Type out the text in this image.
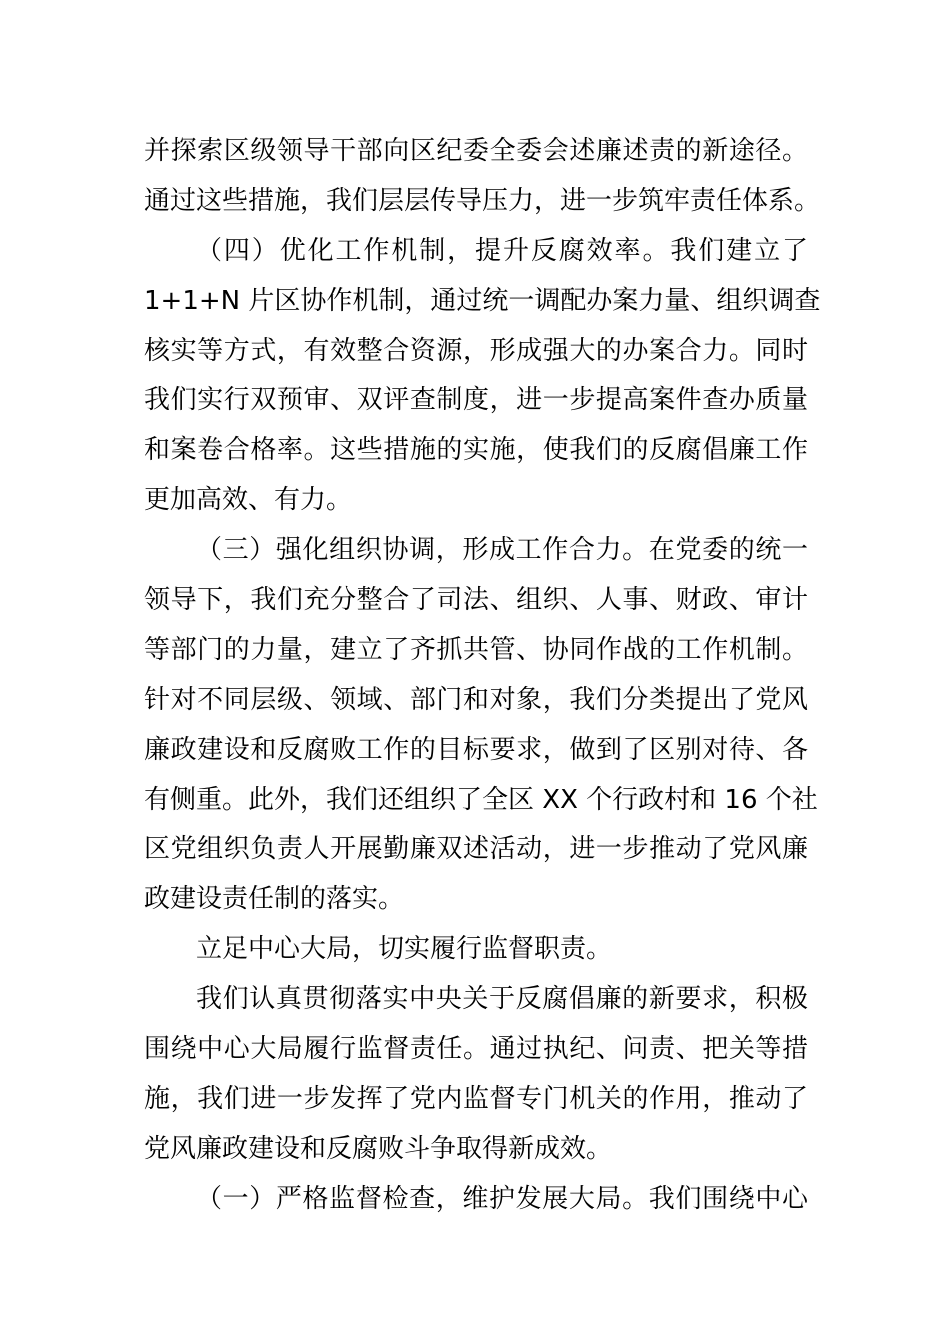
并探索区级领导干部向区纪委全委会述廉述责的新途径。
通过这些措施，我们层层传导压力，进一步筑牢责任体系。
（四）优化工作机制，提升反腐效率。我们建立了
1+1+N 片区协作机制，通过统一调配办案力量、组织调查
核实等方式，有效整合资源，形成强大的办案合力。同时
我们实行双预审、双评查制度，进一步提高案件查办质量
和案卷合格率。这些措施的实施，使我们的反腐倡廉工作
更加高效、有力。
（三）强化组织协调，形成工作合力。在党委的统一
领导下，我们充分整合了司法、组织、人事、财政、审计
等部门的力量，建立了齐抓共管、协同作战的工作机制。
针对不同层级、领域、部门和对象，我们分类提出了党风
廉政建设和反腐败工作的目标要求，做到了区别对待、各
有侧重。此外，我们还组织了全区 XX 个行政村和 16 个社
区党组织负责人开展勤廉双述活动，进一步推动了党风廉
政建设责任制的落实。
立足中心大局，切实履行监督职责。
我们认真贯彻落实中央关于反腐倡廉的新要求，积极
围绕中心大局履行监督责任。通过执纪、问责、把关等措
施，我们进一步发挥了党内监督专门机关的作用，推动了
党风廉政建设和反腐败斗争取得新成效。
（一）严格监督检查，维护发展大局。我们围绕中心
